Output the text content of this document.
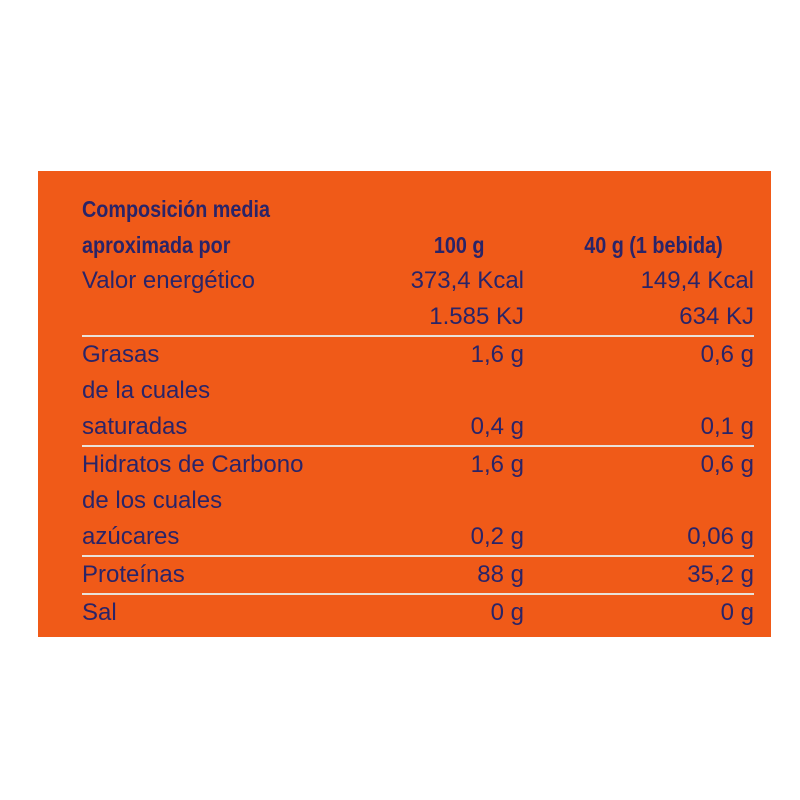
Composición media
aproximada por	100 g	40 g (1 bebida)
Valor energético	373,4 Kcal	149,4 Kcal
1.585 KJ	634 KJ
Grasas	1,6 g	0,6 g
de la cuales
saturadas	0,4 g	0,1 g
Hidratos de Carbono	1,6 g	0,6 g
de los cuales
azúcares	0,2 g	0,06 g
Proteínas	88 g	35,2 g
Sal	0 g	0 g
